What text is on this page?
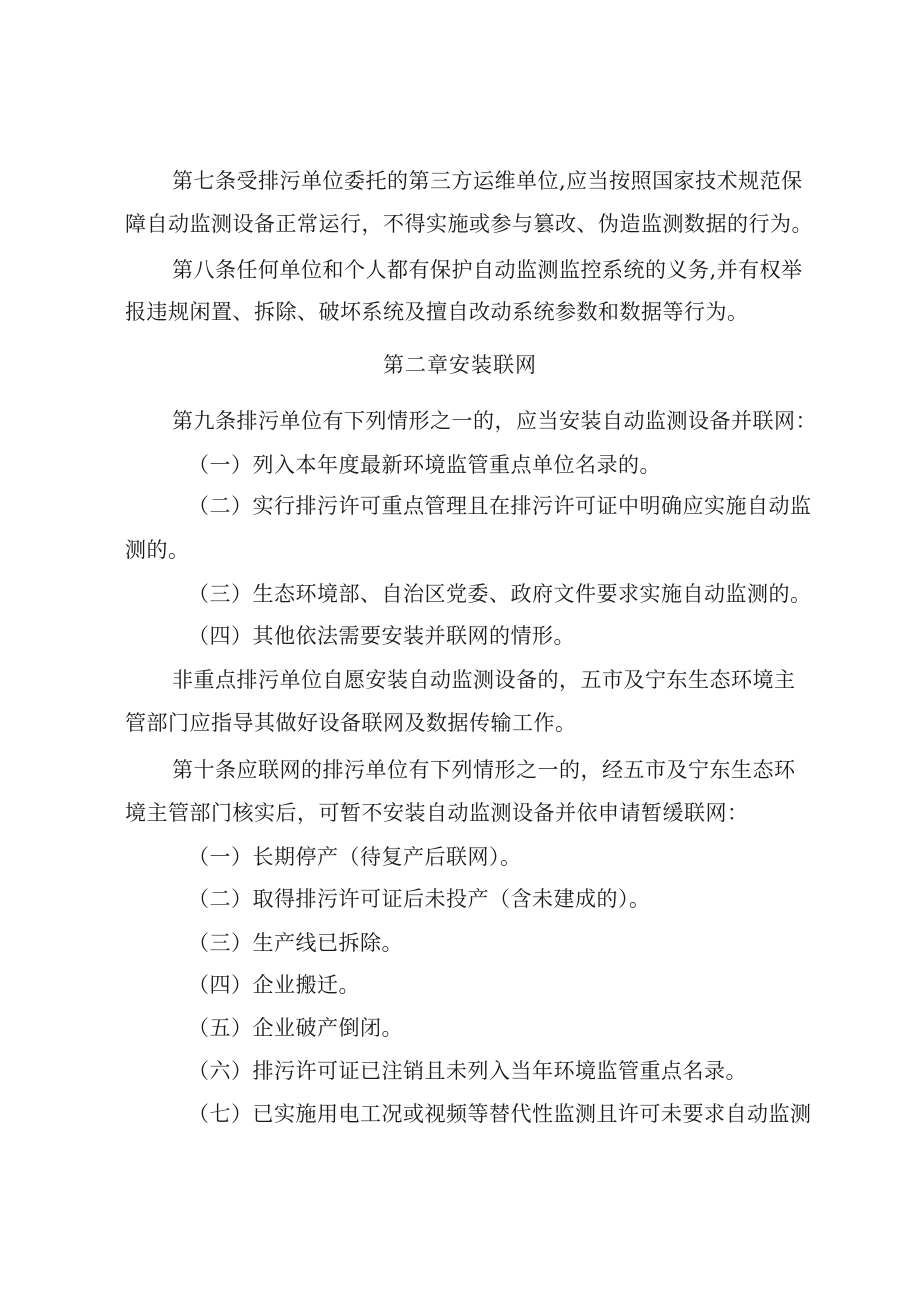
第七条受排污单位委托的第三方运维单位,应当按照国家技术规范保
障自动监测设备正常运行，不得实施或参与篡改、伪造监测数据的行为。
第八条任何单位和个人都有保护自动监测监控系统的义务,并有权举
报违规闲置、拆除、破坏系统及擅自改动系统参数和数据等行为。
第二章安装联网
第九条排污单位有下列情形之一的，应当安装自动监测设备并联网：
（一）列入本年度最新环境监管重点单位名录的。
（二）实行排污许可重点管理且在排污许可证中明确应实施自动监
测的。
（三）生态环境部、自治区党委、政府文件要求实施自动监测的。
（四）其他依法需要安装并联网的情形。
非重点排污单位自愿安装自动监测设备的，五市及宁东生态环境主
管部门应指导其做好设备联网及数据传输工作。
第十条应联网的排污单位有下列情形之一的，经五市及宁东生态环
境主管部门核实后，可暂不安装自动监测设备并依申请暂缓联网：
（一）长期停产（待复产后联网）。
（二）取得排污许可证后未投产（含未建成的）。
（三）生产线已拆除。
（四）企业搬迁。
（五）企业破产倒闭。
（六）排污许可证已注销且未列入当年环境监管重点名录。
（七）已实施用电工况或视频等替代性监测且许可未要求自动监测
